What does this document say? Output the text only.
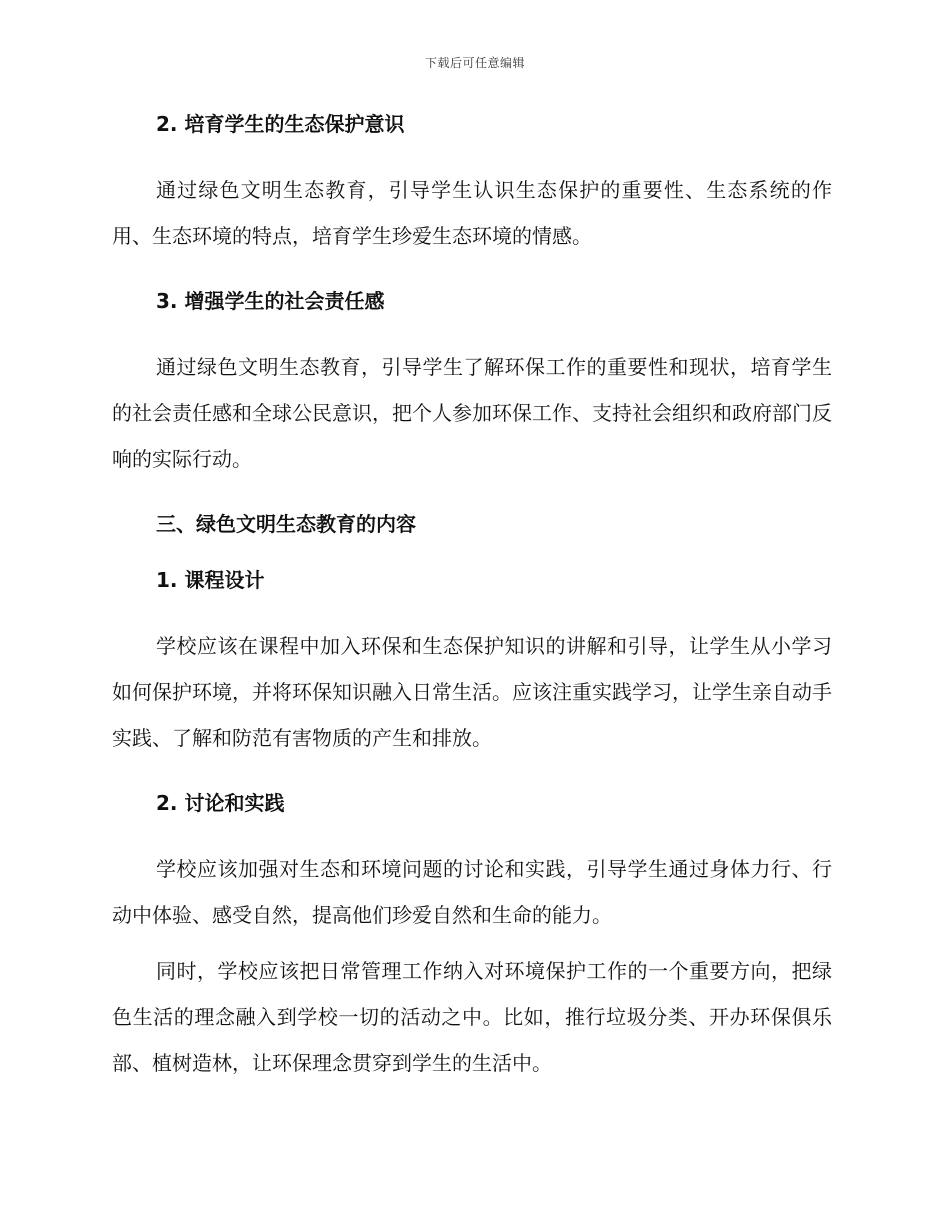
下载后可任意编辑
2. 培育学生的生态保护意识

通过绿色文明生态教育，引导学生认识生态保护的重要性、生态系统的作用、生态环境的特点，培育学生珍爱生态环境的情感。

3. 增强学生的社会责任感

通过绿色文明生态教育，引导学生了解环保工作的重要性和现状，培育学生的社会责任感和全球公民意识，把个人参加环保工作、支持社会组织和政府部门反响的实际行动。

三、绿色文明生态教育的内容
1. 课程设计

学校应该在课程中加入环保和生态保护知识的讲解和引导，让学生从小学习如何保护环境，并将环保知识融入日常生活。应该注重实践学习，让学生亲自动手实践、了解和防范有害物质的产生和排放。

2. 讨论和实践

学校应该加强对生态和环境问题的讨论和实践，引导学生通过身体力行、行动中体验、感受自然，提高他们珍爱自然和生命的能力。

同时，学校应该把日常管理工作纳入对环境保护工作的一个重要方向，把绿色生活的理念融入到学校一切的活动之中。比如，推行垃圾分类、开办环保俱乐部、植树造林，让环保理念贯穿到学生的生活中。
